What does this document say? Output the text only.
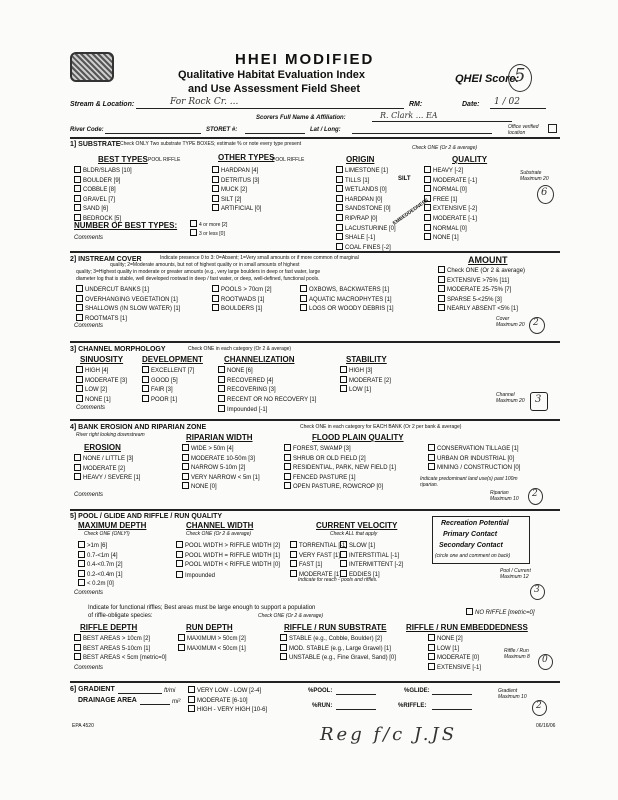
HHEI MODIFIED
Qualitative Habitat Evaluation Index
and Use Assessment Field Sheet
QHEI Score:
5
Stream & Location:	For Rock Cr. ...	RM:	Date: 1 / 02
Scorers Full Name & Affiliation:	R. Clark ... EA
River Code:	STORET #:	Lat / Long:	Office verified location
1] SUBSTRATE Check ONLY Two substrate TYPE BOXES; estimate % or note every type present
Check ONE (Or 2 & average)
BEST TYPES POOL RIFFLE	OTHER TYPES
POOL RIFFLE	ORIGIN	QUALITY
BLDR/SLABS [10]
BOULDER [9]
COBBLE [8]
GRAVEL [7]
SAND [6]
BEDROCK [5]
HARDPAN [4]
DETRITUS [3]
MUCK [2]
SILT [2]
ARTIFICIAL [0]
LIMESTONE [1]
TILLS [1]
WETLANDS [0]
HARDPAN [0]
SANDSTONE [0]
RIP/RAP [0]
LACUSTURINE [0]
SHALE [-1]
COAL FINES [-2]
HEAVY [-2]
MODERATE [-1]
NORMAL [0]
FREE [1]
EXTENSIVE [-2]
MODERATE [-1]
NORMAL [0]
NONE [1]
SILT
EMBEDDEDNESS
NUMBER OF BEST TYPES:	4 or more [2]
3 or less [0]
Comments
Substrate Maximum 20
6
2] INSTREAM COVER	AMOUNT
Indicate presence 0 to 3: 0=Absent; 1=Very small amounts or if more common of marginal
quality; 2=Moderate amounts, but not of highest quality or in small amounts of highest
quality; 3=Highest quality in moderate or greater amounts (e.g., very large boulders in deep or fast water, large
diameter log that is stable, well developed rootwad in deep / fast water, or deep, well-defined, functional pools.
UNDERCUT BANKS [1]
OVERHANGING VEGETATION [1]
SHALLOWS (IN SLOW WATER) [1]
ROOTMATS [1]
POOLS > 70cm [2]
ROOTWADS [1]
BOULDERS [1]
OXBOWS, BACKWATERS [1]
AQUATIC MACROPHYTES [1]
LOGS OR WOODY DEBRIS [1]
Check ONE (Or 2 & average)
EXTENSIVE >75% [11]
MODERATE 25-75% [7]
SPARSE 5-<25% [3]
NEARLY ABSENT <5% [1]
Comments
Cover Maximum 20 2
3] CHANNEL MORPHOLOGY	Check ONE in each category (Or 2 & average)
SINUOSITY DEVELOPMENT	CHANNELIZATION	STABILITY
HIGH [4]
MODERATE [3]
LOW [2]
NONE [1]
EXCELLENT [7]
GOOD [5]
FAIR [3]
POOR [1]
NONE [6]
RECOVERED [4]
RECOVERING [3]
RECENT OR NO RECOVERY [1]
HIGH [3]
MODERATE [2]
LOW [1]
Impounded [-1]
Comments
Channel Maximum 20	3
4] BANK EROSION AND RIPARIAN ZONE	Check ONE in each category for EACH BANK (Or 2 per bank & average)
River right looking downstream
EROSION
RIPARIAN WIDTH	FLOOD PLAIN QUALITY
NONE / LITTLE [3]
MODERATE [2]
HEAVY / SEVERE [1]
WIDE > 50m [4]
MODERATE 10-50m [3]
NARROW 5-10m [2]
VERY NARROW < 5m [1]
NONE [0]
FOREST, SWAMP [3]
SHRUB OR OLD FIELD [2]
RESIDENTIAL, PARK, NEW FIELD [1]
FENCED PASTURE [1]
OPEN PASTURE, ROWCROP [0]
CONSERVATION TILLAGE [1]
URBAN OR INDUSTRIAL [0]
MINING / CONSTRUCTION [0]
Indicate predominant land use(s) past 100m riparian.
Comments	Riparian Maximum 10	2
5] POOL / GLIDE AND RIFFLE / RUN QUALITY
MAXIMUM DEPTH	CHANNEL WIDTH	CURRENT VELOCITY
Check ONE (ONLY!)	Check ONE (Or 2 & average)	Check ALL that apply
>1m [6]
0.7-<1m [4]
0.4-<0.7m [2]
0.2-<0.4m [1]
< 0.2m [0]
POOL WIDTH > RIFFLE WIDTH [2]
POOL WIDTH = RIFFLE WIDTH [1]
POOL WIDTH < RIFFLE WIDTH [0]
TORRENTIAL [-1]
VERY FAST [1]
FAST [1]
MODERATE [1]
SLOW [1]
INTERSTITIAL [-1]
INTERMITTENT [-2]
EDDIES [1]
Impounded
Indicate for reach - pools and riffles.
Recreation Potential
Primary Contact
Secondary Contact
(circle one and comment on back)
Comments
Pool / Current Maximum 12
3
Indicate for functional riffles; Best areas must be large enough to support a population
of riffle-obligate species:	Check ONE (Or 2 & average)	NO RIFFLE [metric=0]
RIFFLE DEPTH	RUN DEPTH	RIFFLE / RUN SUBSTRATE RIFFLE / RUN EMBEDDEDNESS
BEST AREAS > 10cm [2]
BEST AREAS 5-10cm [1]
BEST AREAS < 5cm [metric=0]
MAXIMUM > 50cm [2]
MAXIMUM < 50cm [1]
STABLE (e.g., Cobble, Boulder) [2]
MOD. STABLE (e.g., Large Gravel) [1]
UNSTABLE (e.g., Fine Gravel, Sand) [0]
NONE [2]
LOW [1]
MODERATE [0]
EXTENSIVE [-1]
Comments
Riffle / Run Maximum 8	0
6] GRADIENT	ft/mi
DRAINAGE AREA	mi²
VERY LOW - LOW [2-4]
MODERATE [6-10]
HIGH - VERY HIGH [10-6]
%POOL:	%GLIDE:
%RUN:	%RIFFLE:
Gradient Maximum 10
2
EPA 4520	06/16/06
Reg f/c J.JS
